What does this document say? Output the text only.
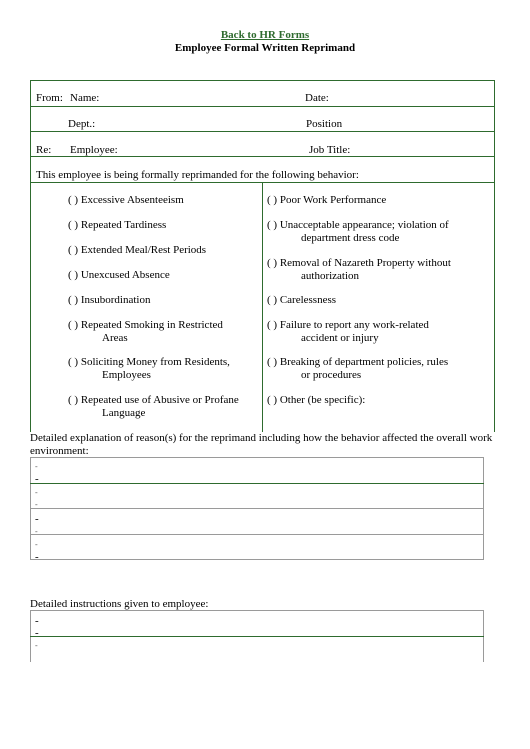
Back to HR Forms
Employee Formal Written Reprimand
From: Name:	Date:
Dept.:	Position
Re: Employee:	Job Title:
This employee is being formally reprimanded for the following behavior:
( ) Excessive Absenteeism
( ) Repeated Tardiness
( ) Extended Meal/Rest Periods
( ) Unexcused Absence
( ) Insubordination
( ) Repeated Smoking in Restricted
Areas
( ) Soliciting Money from Residents,
Employees
( ) Repeated use of Abusive or Profane
Language
( ) Poor Work Performance
( ) Unacceptable appearance; violation of
department dress code
( ) Removal of Nazareth Property without
authorization
( ) Carelessness
( ) Failure to report any work-related
accident or injury
( ) Breaking of department policies, rules
or procedures
( ) Other (be specific):
Detailed explanation of reason(s) for the reprimand including how the behavior affected the overall work environment:
-
-
-
-
-
-
-
-
Detailed instructions given to employee:
-
-
-
